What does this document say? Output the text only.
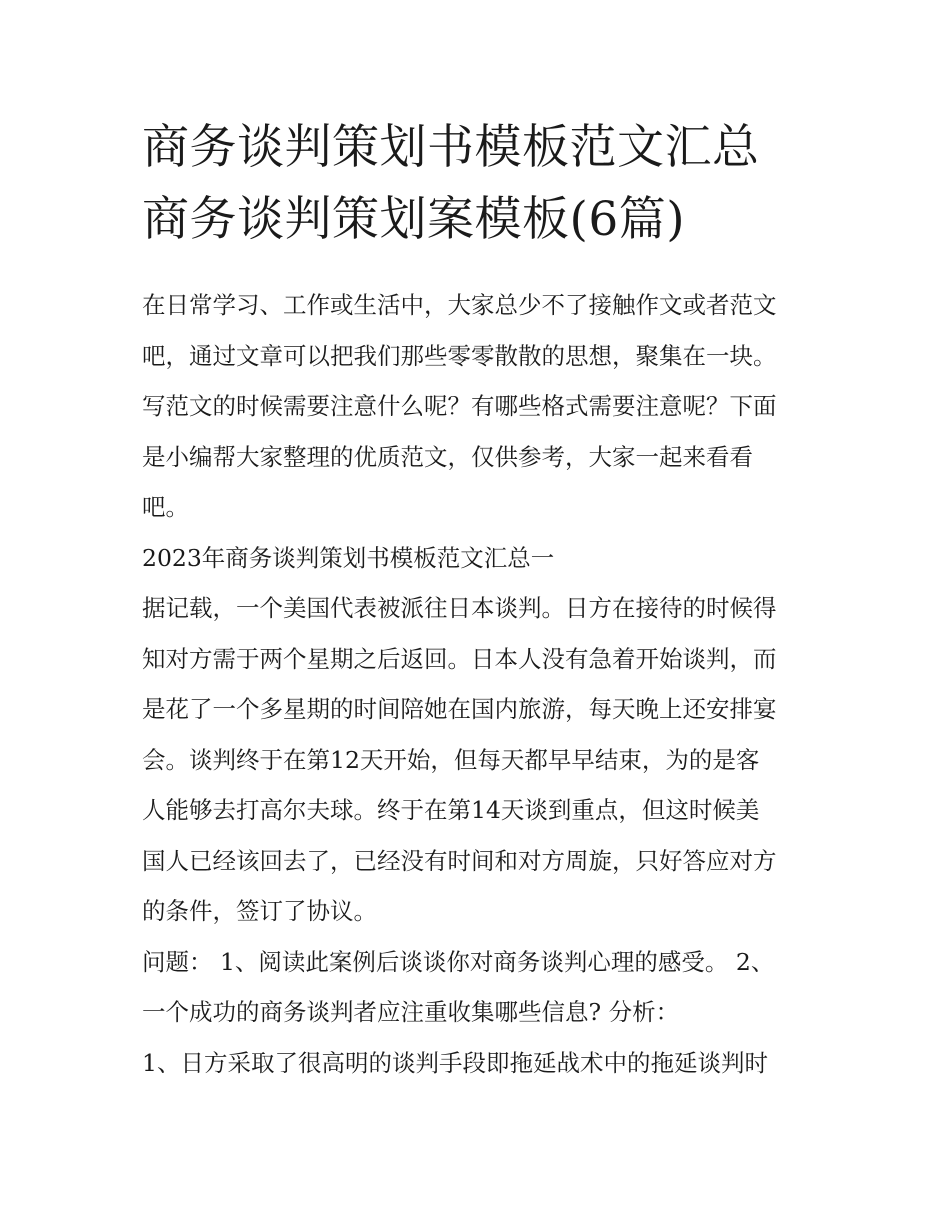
商务谈判策划书模板范文汇总
商务谈判策划案模板(6篇)

在日常学习、工作或生活中，大家总少不了接触作文或者范文
吧，通过文章可以把我们那些零零散散的思想，聚集在一块。
写范文的时候需要注意什么呢？有哪些格式需要注意呢？下面
是小编帮大家整理的优质范文，仅供参考，大家一起来看看
吧。

2023年商务谈判策划书模板范文汇总一

据记载，一个美国代表被派往日本谈判。日方在接待的时候得
知对方需于两个星期之后返回。日本人没有急着开始谈判，而
是花了一个多星期的时间陪她在国内旅游，每天晚上还安排宴
会。谈判终于在第12天开始，但每天都早早结束，为的是客
人能够去打高尔夫球。终于在第14天谈到重点，但这时候美
国人已经该回去了，已经没有时间和对方周旋，只好答应对方
的条件，签订了协议。

问题： 1、阅读此案例后谈谈你对商务谈判心理的感受。 2、
一个成功的商务谈判者应注重收集哪些信息? 分析：

1、日方采取了很高明的谈判手段即拖延战术中的拖延谈判时
